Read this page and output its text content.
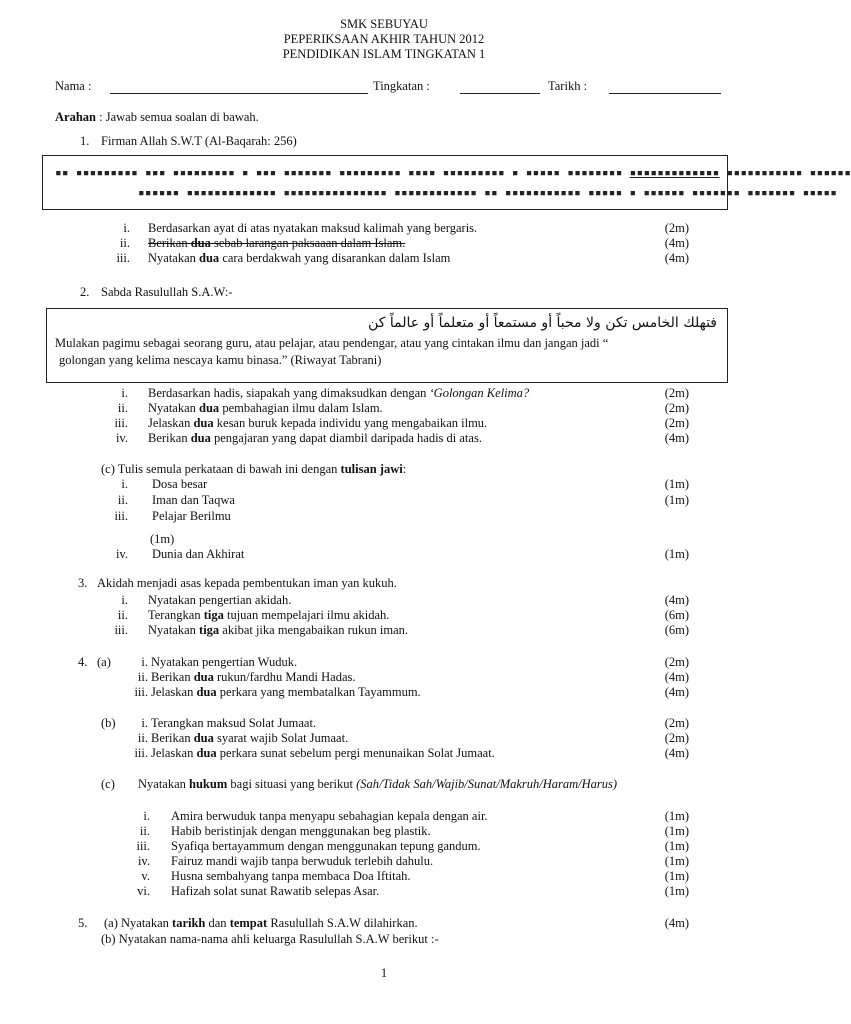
SMK SEBUYAU
PEPERIKSAAN AKHIR TAHUN 2012
PENDIDIKAN ISLAM TINGKATAN 1
Nama :	Tingkatan :	Tarikh :
Arahan : Jawab semua soalan di bawah.
1. Firman Allah S.W.T (Al-Baqarah: 256)
▪▪ ▪▪▪▪▪▪▪▪▪ ▪▪▪ ▪▪▪▪▪▪▪▪▪ ▪ ▪▪▪ ▪▪▪▪▪▪▪ ▪▪▪▪▪▪▪▪▪ ▪▪▪▪ ▪▪▪▪▪▪▪▪▪ ▪ ▪▪▪▪▪ ▪▪▪▪▪▪▪▪ ▪▪▪▪▪▪▪▪▪▪▪▪▪ ▪▪▪▪▪▪▪▪▪▪▪ ▪▪▪▪▪▪
▪▪▪▪▪▪ ▪▪▪▪▪▪▪▪▪▪▪▪▪ ▪▪▪▪▪▪▪▪▪▪▪▪▪▪▪ ▪▪▪▪▪▪▪▪▪▪▪▪ ▪▪ ▪▪▪▪▪▪▪▪▪▪▪ ▪▪▪▪▪ ▪ ▪▪▪▪▪▪ ▪▪▪▪▪▪▪ ▪▪▪▪▪▪▪ ▪▪▪▪▪
i. Berdasarkan ayat di atas nyatakan maksud kalimah yang bergaris.	(2m)
ii. Berikan dua sebab larangan paksaaan dalam Islam.	(4m)
iii. Nyatakan dua cara berdakwah yang disarankan dalam Islam	(4m)
2. Sabda Rasulullah S.A.W:-
فتهلك الخامس تكن ولا محباً أو مستمعاً أو متعلماً أو عالماً كن
Mulakan pagimu sebagai seorang guru, atau pelajar, atau pendengar, atau yang cintakan ilmu dan jangan jadi “
golongan yang kelima nescaya kamu binasa.” (Riwayat Tabrani)
i. Berdasarkan hadis, siapakah yang dimaksudkan dengan ‘Golongan Kelima?	(2m)
ii. Nyatakan dua pembahagian ilmu dalam Islam.	(2m)
iii. Jelaskan dua kesan buruk kepada individu yang mengabaikan ilmu.	(2m)
iv. Berikan dua pengajaran yang dapat diambil daripada hadis di atas.	(4m)
(c) Tulis semula perkataan di bawah ini dengan tulisan jawi:
i. Dosa besar	(1m)
ii. Iman dan Taqwa	(1m)
iii. Pelajar Berilmu
(1m)
iv. Dunia dan Akhirat	(1m)
3. Akidah menjadi asas kepada pembentukan iman yan kukuh.
i. Nyatakan pengertian akidah.	(4m)
ii. Terangkan tiga tujuan mempelajari ilmu akidah.	(6m)
iii. Nyatakan tiga akibat jika mengabaikan rukun iman.	(6m)
4. (a) i. Nyatakan pengertian Wuduk.	(2m)
ii. Berikan dua rukun/fardhu Mandi Hadas.	(4m)
iii. Jelaskan dua perkara yang membatalkan Tayammum.	(4m)
(b) i. Terangkan maksud Solat Jumaat.	(2m)
ii. Berikan dua syarat wajib Solat Jumaat.	(2m)
iii. Jelaskan dua perkara sunat sebelum pergi menunaikan Solat Jumaat.	(4m)
(c) Nyatakan hukum bagi situasi yang berikut (Sah/Tidak Sah/Wajib/Sunat/Makruh/Haram/Harus)
i. Amira berwuduk tanpa menyapu sebahagian kepala dengan air.	(1m)
ii. Habib beristinjak dengan menggunakan beg plastik.	(1m)
iii. Syafiqa bertayammum dengan menggunakan tepung gandum.	(1m)
iv. Fairuz mandi wajib tanpa berwuduk terlebih dahulu.	(1m)
v. Husna sembahyang tanpa membaca Doa Iftitah.	(1m)
vi. Hafizah solat sunat Rawatib selepas Asar.	(1m)
5. (a) Nyatakan tarikh dan tempat Rasulullah S.A.W dilahirkan.	(4m)
(b) Nyatakan nama-nama ahli keluarga Rasulullah S.A.W berikut :-
1
